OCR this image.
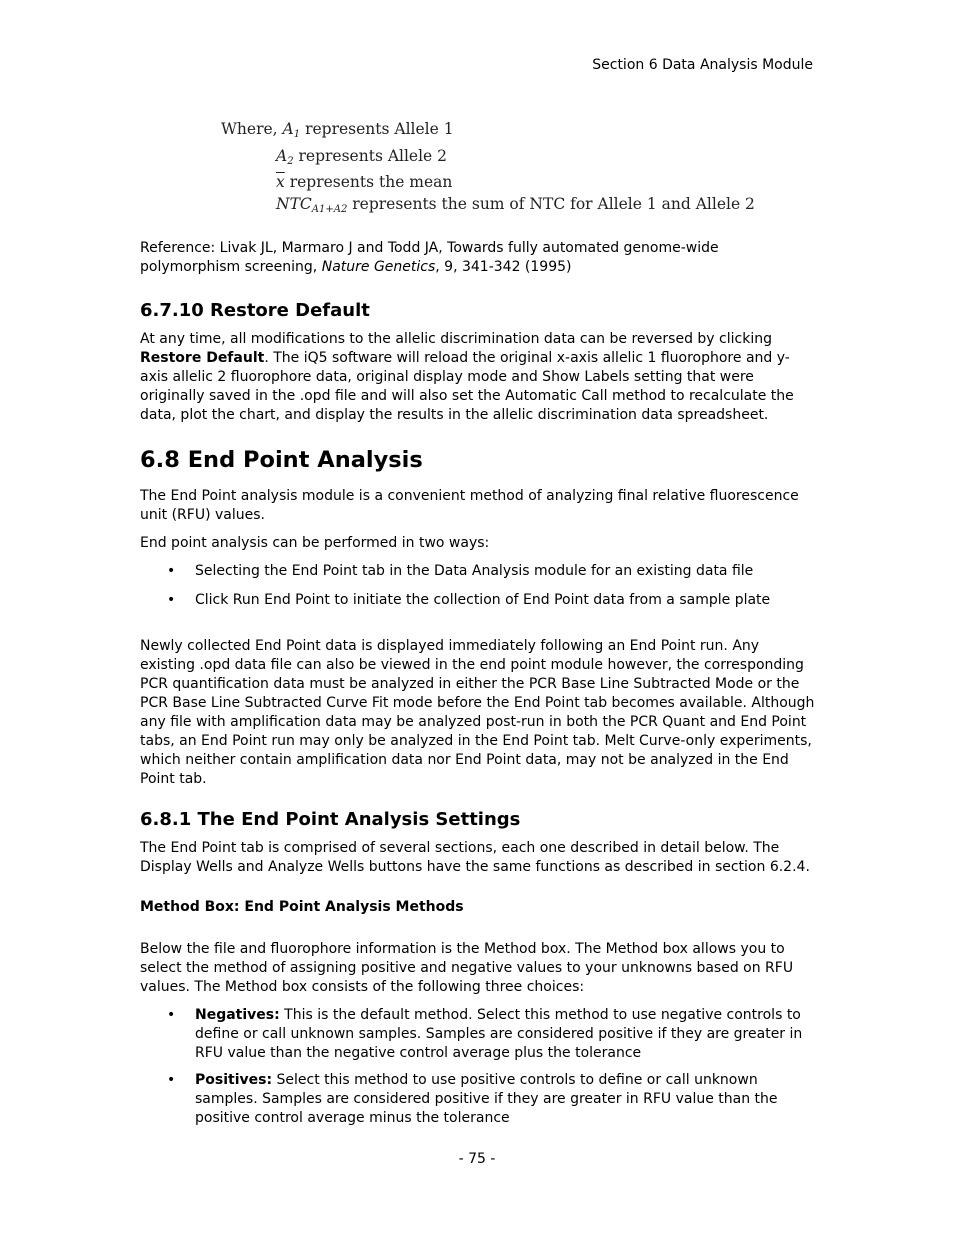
Section 6 Data Analysis Module
Where, $A_1$ represents Allele 1
$A_2$ represents Allele 2
$\overline{x}$ represents the mean
$NTC_{A1+A2}$ represents the sum of NTC for Allele 1 and Allele 2

Reference: Livak JL, Marmaro J and Todd JA, Towards fully automated genome-wide polymorphism screening, Nature Genetics, 9, 341-342 (1995)

6.7.10 Restore Default

At any time, all modifications to the allelic discrimination data can be reversed by clicking Restore Default. The iQ5 software will reload the original x-axis allelic 1 fluorophore and y-axis allelic 2 fluorophore data, original display mode and Show Labels setting that were originally saved in the .opd file and will also set the Automatic Call method to recalculate the data, plot the chart, and display the results in the allelic discrimination data spreadsheet.

6.8 End Point Analysis

The End Point analysis module is a convenient method of analyzing final relative fluorescence unit (RFU) values.

End point analysis can be performed in two ways:

• Selecting the End Point tab in the Data Analysis module for an existing data file
• Click Run End Point to initiate the collection of End Point data from a sample plate

Newly collected End Point data is displayed immediately following an End Point run. Any existing .opd data file can also be viewed in the end point module however, the corresponding PCR quantification data must be analyzed in either the PCR Base Line Subtracted Mode or the PCR Base Line Subtracted Curve Fit mode before the End Point tab becomes available. Although any file with amplification data may be analyzed post-run in both the PCR Quant and End Point tabs, an End Point run may only be analyzed in the End Point tab. Melt Curve-only experiments, which neither contain amplification data nor End Point data, may not be analyzed in the End Point tab.

6.8.1 The End Point Analysis Settings

The End Point tab is comprised of several sections, each one described in detail below. The Display Wells and Analyze Wells buttons have the same functions as described in section 6.2.4.

Method Box: End Point Analysis Methods

Below the file and fluorophore information is the Method box. The Method box allows you to select the method of assigning positive and negative values to your unknowns based on RFU values. The Method box consists of the following three choices:

• Negatives: This is the default method. Select this method to use negative controls to define or call unknown samples. Samples are considered positive if they are greater in RFU value than the negative control average plus the tolerance
• Positives: Select this method to use positive controls to define or call unknown samples. Samples are considered positive if they are greater in RFU value than the positive control average minus the tolerance
- 75 -
